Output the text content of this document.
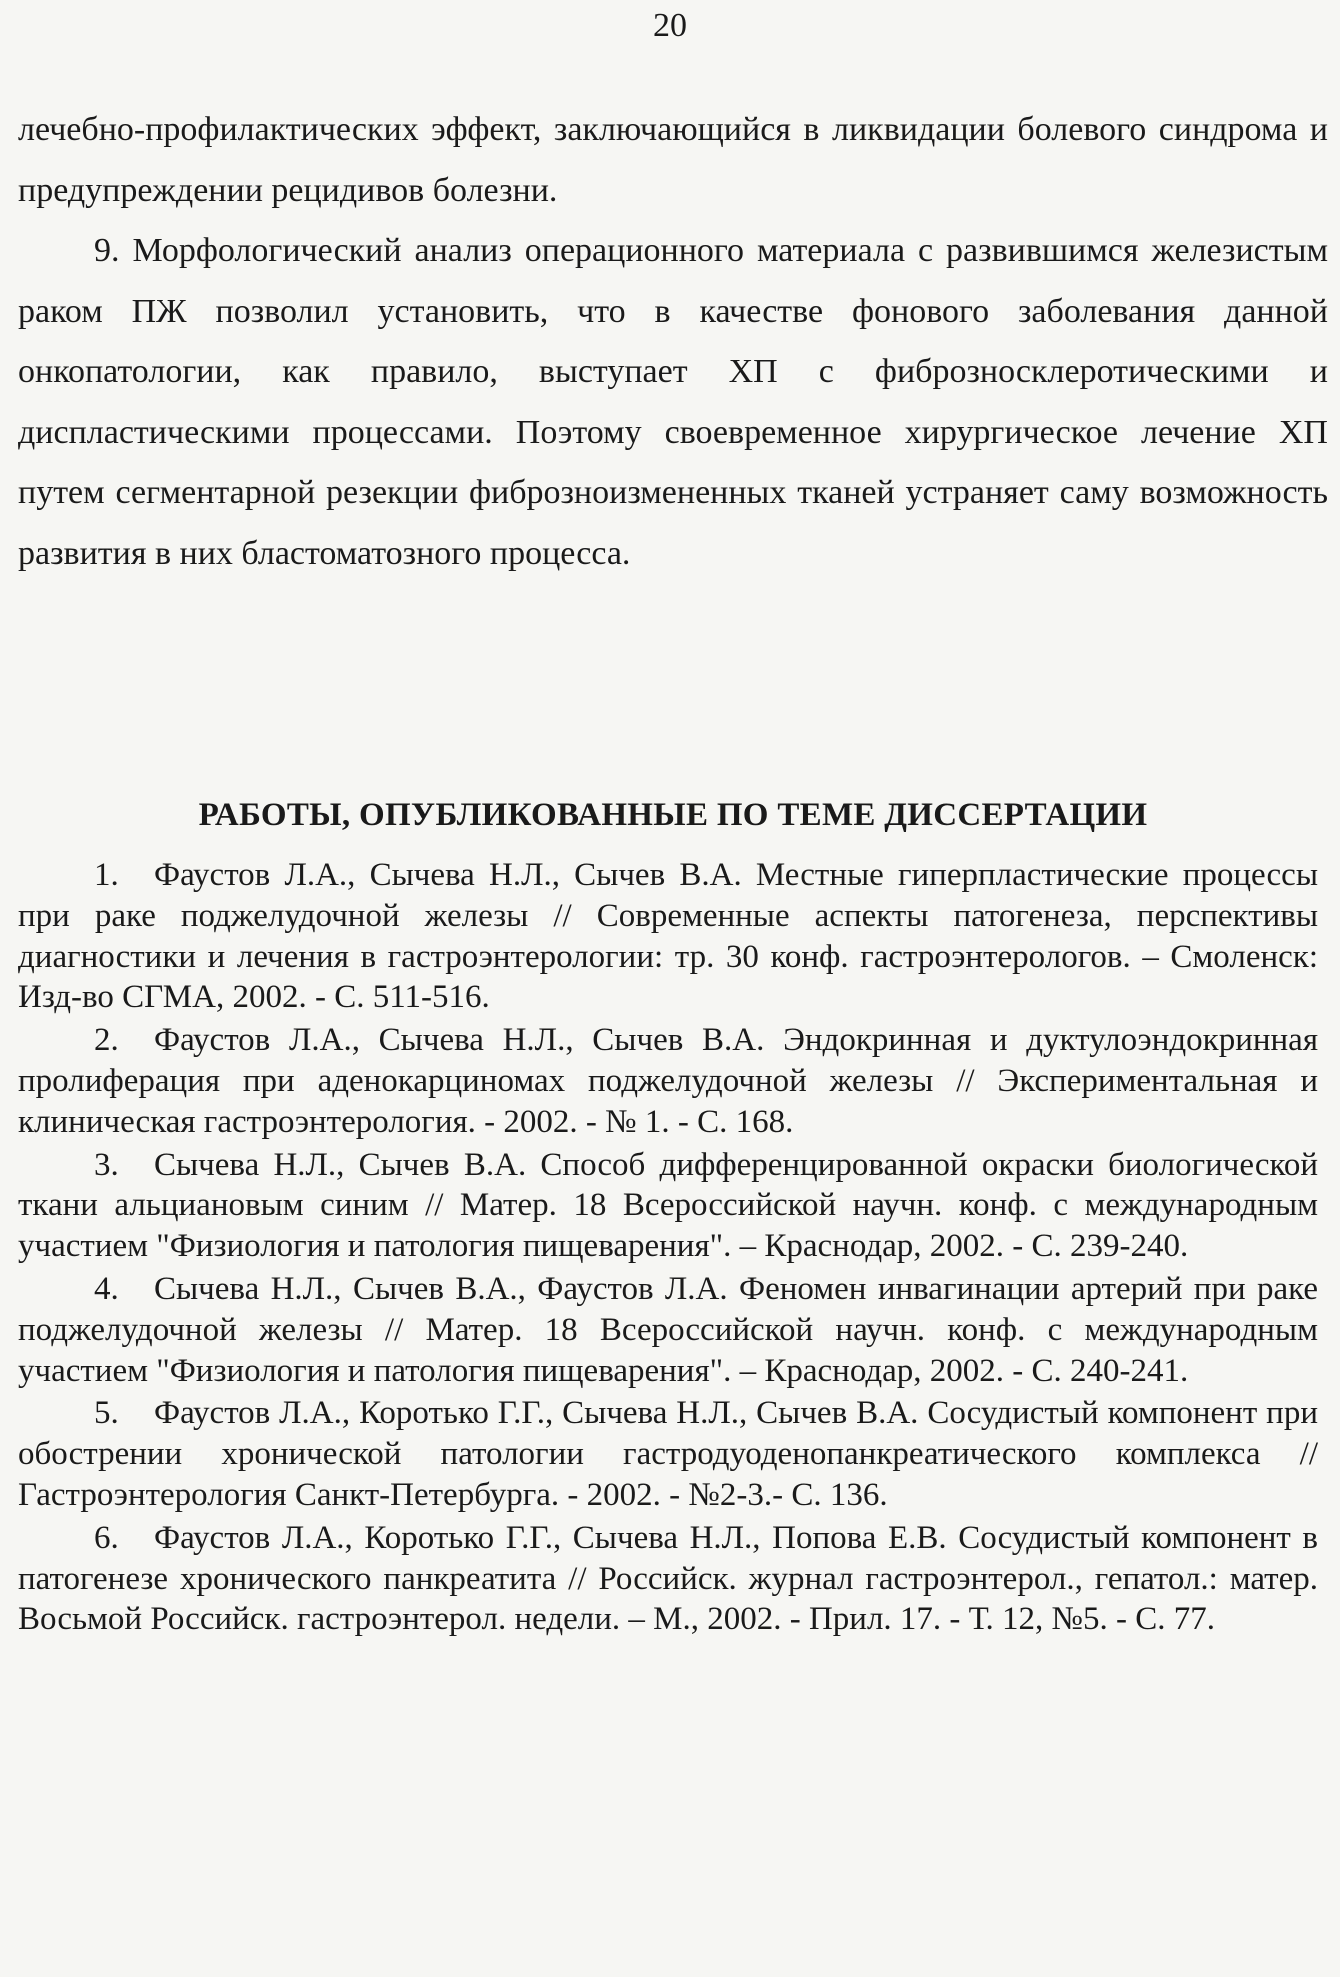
20

лечебно-профилактических эффект, заключающийся в ликвидации болевого синдрома и предупреждении рецидивов болезни.

9. Морфологический анализ операционного материала с развившимся железистым раком ПЖ позволил установить, что в качестве фонового заболевания данной онкопатологии, как правило, выступает ХП с фиброзносклеротическими и диспластическими процессами. Поэтому своевременное хирургическое лечение ХП путем сегментарной резекции фиброзноизмененных тканей устраняет саму возможность развития в них бластоматозного процесса.

РАБОТЫ, ОПУБЛИКОВАННЫЕ ПО ТЕМЕ ДИССЕРТАЦИИ
1. Фаустов Л.А., Сычева Н.Л., Сычев В.А. Местные гиперпластические процессы при раке поджелудочной железы // Современные аспекты патогенеза, перспективы диагностики и лечения в гастроэнтерологии: тр. 30 конф. гастроэнтерологов. – Смоленск: Изд-во СГМА, 2002. - С. 511-516.
2. Фаустов Л.А., Сычева Н.Л., Сычев В.А. Эндокринная и дуктулоэндокринная пролиферация при аденокарциномах поджелудочной железы // Экспериментальная и клиническая гастроэнтерология. - 2002. - № 1. - С. 168.
3. Сычева Н.Л., Сычев В.А. Способ дифференцированной окраски биологической ткани альциановым синим // Матер. 18 Всероссийской научн. конф. с международным участием "Физиология и патология пищеварения". – Краснодар, 2002. - С. 239-240.
4. Сычева Н.Л., Сычев В.А., Фаустов Л.А. Феномен инвагинации артерий при раке поджелудочной железы // Матер. 18 Всероссийской научн. конф. с международным участием "Физиология и патология пищеварения". – Краснодар, 2002. - С. 240-241.
5. Фаустов Л.А., Коротько Г.Г., Сычева Н.Л., Сычев В.А. Сосудистый компонент при обострении хронической патологии гастродуоденопанкреатического комплекса // Гастроэнтерология Санкт-Петербурга. - 2002. - №2-3.- С. 136.
6. Фаустов Л.А., Коротько Г.Г., Сычева Н.Л., Попова Е.В. Сосудистый компонент в патогенезе хронического панкреатита // Российск. журнал гастроэнтерол., гепатол.: матер. Восьмой Российск. гастроэнтерол. недели. – М., 2002. - Прил. 17. - Т. 12, №5. - С. 77.
